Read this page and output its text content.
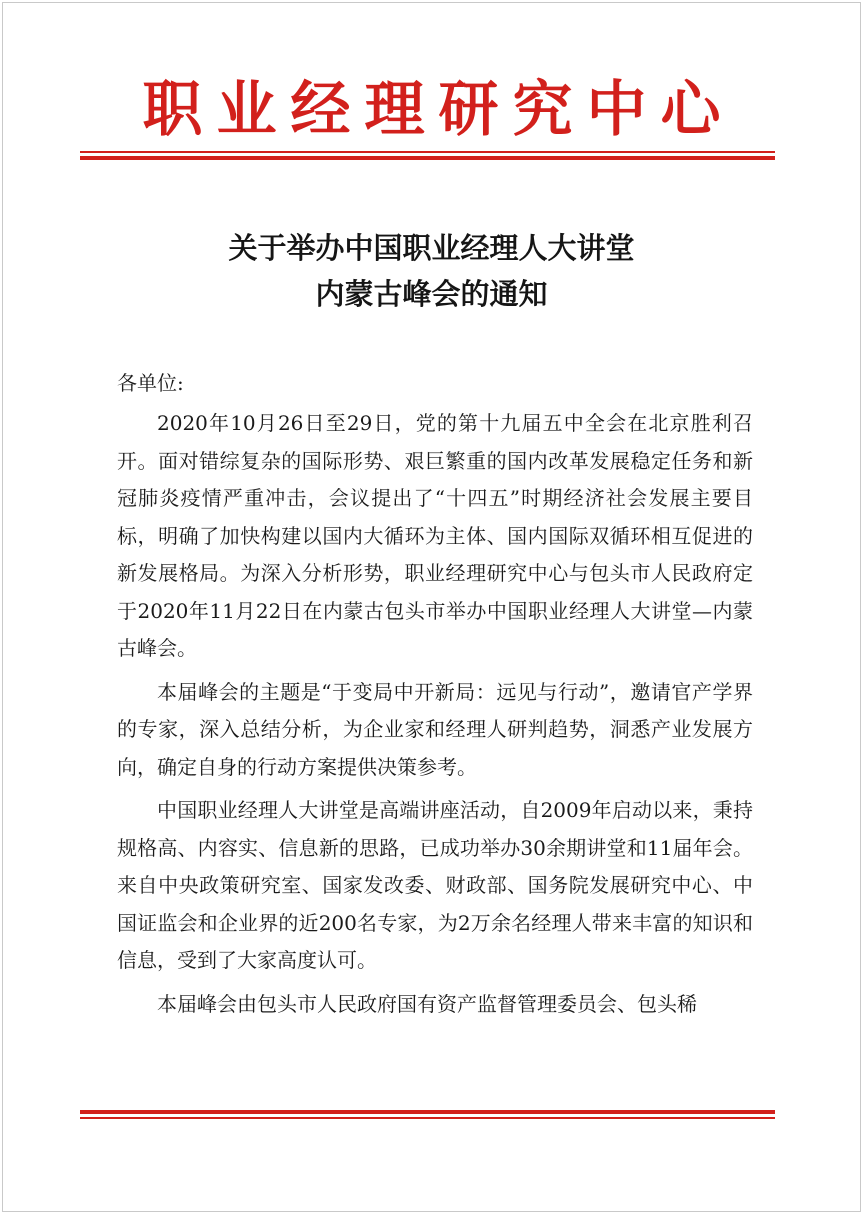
职业经理研究中心
关于举办中国职业经理人大讲堂
内蒙古峰会的通知
各单位:

2020年10月26日至29日，党的第十九届五中全会在北京胜利召开。面对错综复杂的国际形势、艰巨繁重的国内改革发展稳定任务和新冠肺炎疫情严重冲击，会议提出了“十四五”时期经济社会发展主要目标，明确了加快构建以国内大循环为主体、国内国际双循环相互促进的新发展格局。为深入分析形势，职业经理研究中心与包头市人民政府定于2020年11月22日在内蒙古包头市举办中国职业经理人大讲堂—内蒙古峰会。

本届峰会的主题是“于变局中开新局：远见与行动”，邀请官产学界的专家，深入总结分析，为企业家和经理人研判趋势，洞悉产业发展方向，确定自身的行动方案提供决策参考。

中国职业经理人大讲堂是高端讲座活动，自2009年启动以来，秉持规格高、内容实、信息新的思路，已成功举办30余期讲堂和11届年会。来自中央政策研究室、国家发改委、财政部、国务院发展研究中心、中国证监会和企业界的近200名专家，为2万余名经理人带来丰富的知识和信息，受到了大家高度认可。

本届峰会由包头市人民政府国有资产监督管理委员会、包头稀
